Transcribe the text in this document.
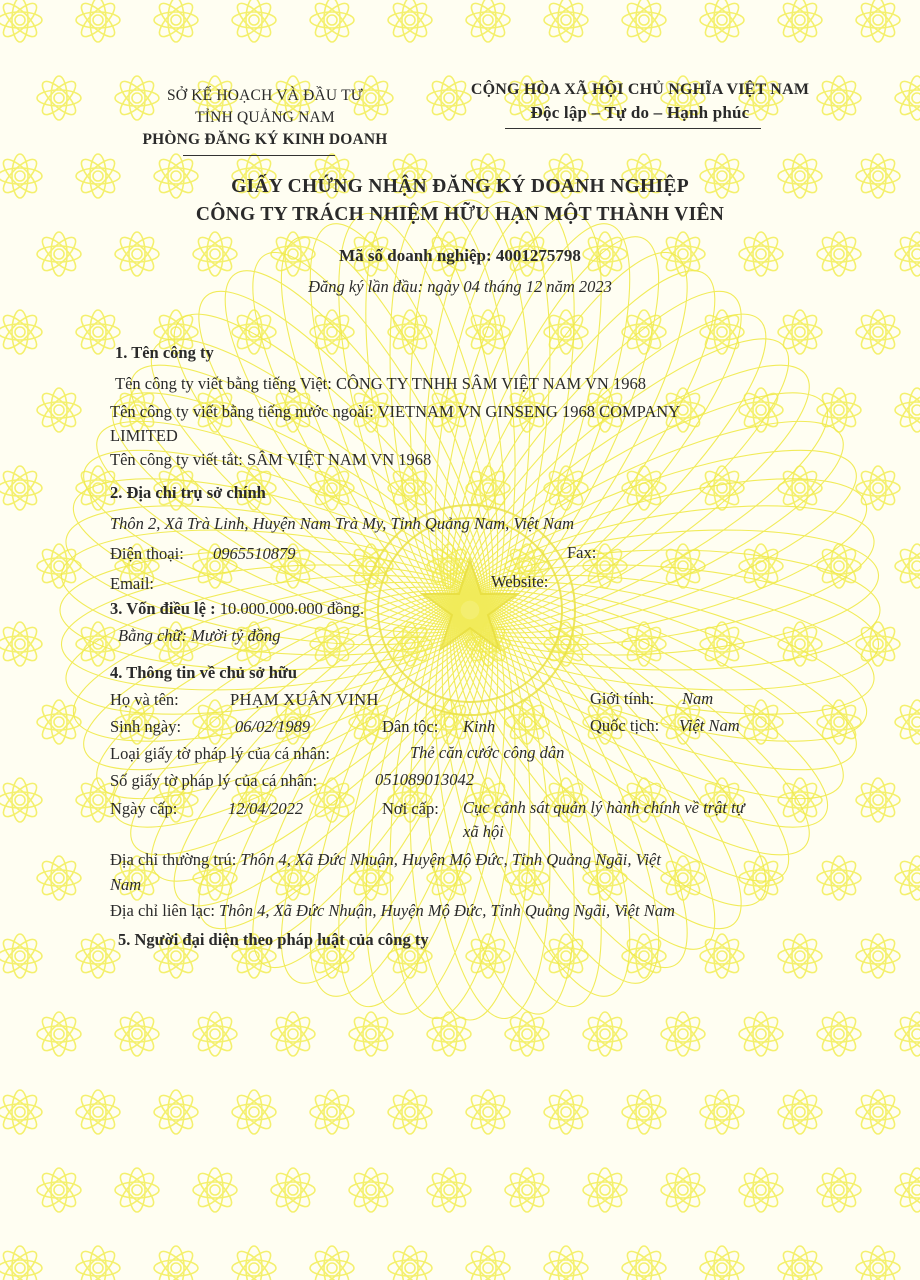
SỞ KẾ HOẠCH VÀ ĐẦU TƯ
TỈNH QUẢNG NAM
PHÒNG ĐĂNG KÝ KINH DOANH
CỘNG HÒA XÃ HỘI CHỦ NGHĨA VIỆT NAM
Độc lập – Tự do – Hạnh phúc
GIẤY CHỨNG NHẬN ĐĂNG KÝ DOANH NGHIỆP
CÔNG TY TRÁCH NHIỆM HỮU HẠN MỘT THÀNH VIÊN
Mã số doanh nghiệp: 4001275798
Đăng ký lần đầu: ngày 04 tháng 12 năm 2023
1. Tên công ty
Tên công ty viết bằng tiếng Việt: CÔNG TY TNHH SÂM VIỆT NAM VN 1968
Tên công ty viết bằng tiếng nước ngoài: VIETNAM VN GINSENG 1968 COMPANY
LIMITED
Tên công ty viết tắt: SÂM VIỆT NAM VN 1968
2. Địa chỉ trụ sở chính
Thôn 2, Xã Trà Linh, Huyện Nam Trà My, Tỉnh Quảng Nam, Việt Nam
Điện thoại: 0965510879	Fax:
Email:	Website:
3. Vốn điều lệ : 10.000.000.000 đồng.
Bằng chữ: Mười tỷ đồng
4. Thông tin về chủ sở hữu
Họ và tên:	PHẠM XUÂN VINH	Giới tính: Nam
Sinh ngày:	06/02/1989	Dân tộc: Kinh	Quốc tịch: Việt Nam
Loại giấy tờ pháp lý của cá nhân:	Thẻ căn cước công dân
Số giấy tờ pháp lý của cá nhân:	051089013042
Ngày cấp:	12/04/2022	Nơi cấp: Cục cảnh sát quản lý hành chính về trật tự
xã hội
Địa chỉ thường trú: Thôn 4, Xã Đức Nhuận, Huyện Mộ Đức, Tỉnh Quảng Ngãi, Việt
Nam
Địa chỉ liên lạc: Thôn 4, Xã Đức Nhuận, Huyện Mộ Đức, Tỉnh Quảng Ngãi, Việt Nam
5. Người đại diện theo pháp luật của công ty
